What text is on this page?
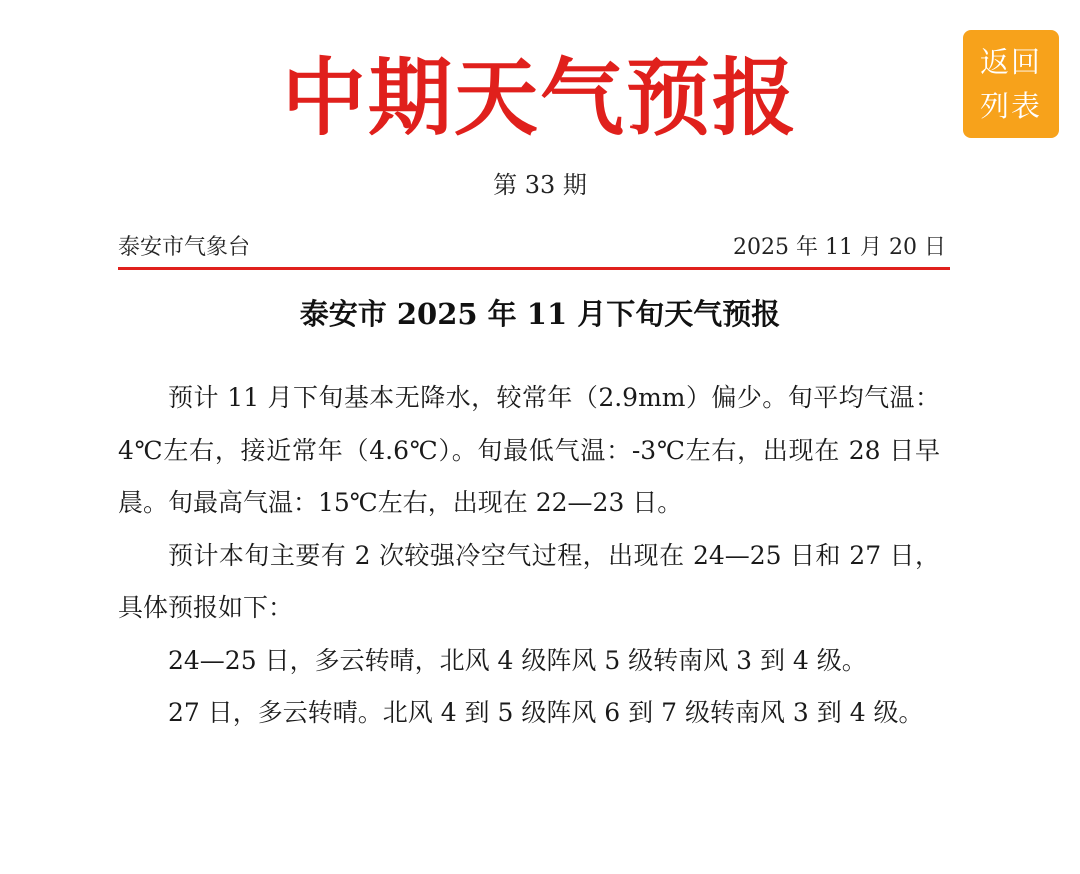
中期天气预报
第 33 期
返回列表
泰安市气象台	2025 年 11 月 20 日
泰安市 2025 年 11 月下旬天气预报

预计 11 月下旬基本无降水，较常年（2.9mm）偏少。旬平均气温：4℃左右，接近常年（4.6℃）。旬最低气温：-3℃左右，出现在 28 日早晨。旬最高气温：15℃左右，出现在 22—23 日。

预计本旬主要有 2 次较强冷空气过程，出现在 24—25 日和 27 日，具体预报如下：

24—25 日，多云转晴，北风 4 级阵风 5 级转南风 3 到 4 级。

27 日，多云转晴。北风 4 到 5 级阵风 6 到 7 级转南风 3 到 4 级。
